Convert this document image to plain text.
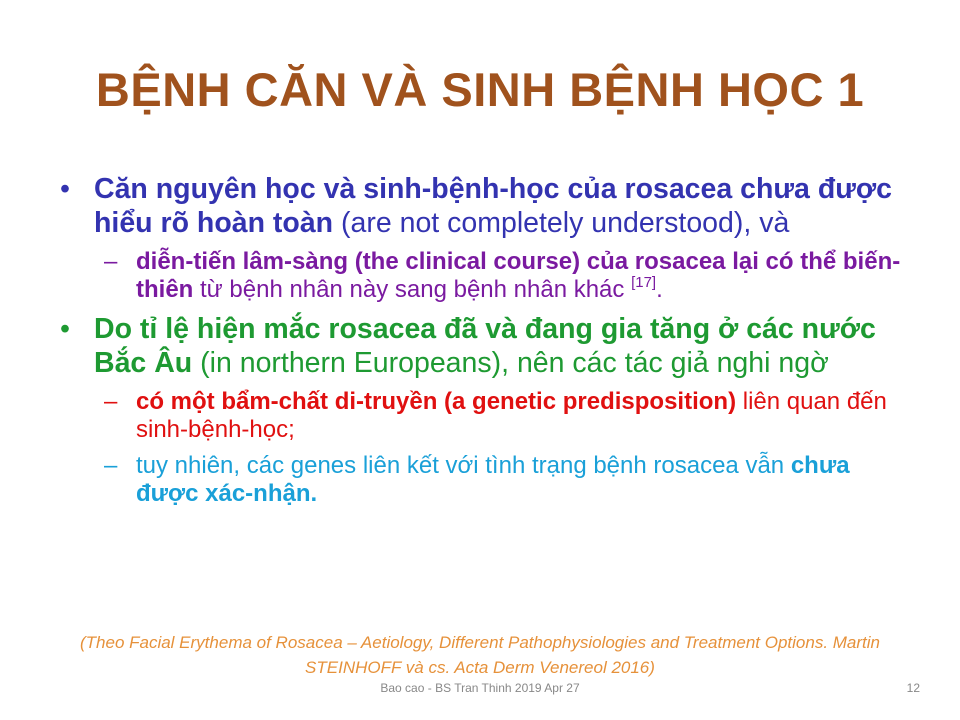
BỆNH CĂN VÀ SINH BỆNH HỌC 1
• Căn nguyên học và sinh-bệnh-học của rosacea chưa được hiểu rõ hoàn toàn (are not completely understood), và
– diễn-tiến lâm-sàng (the clinical course) của rosacea lại có thể biến-thiên từ bệnh nhân này sang bệnh nhân khác [17].
• Do tỉ lệ hiện mắc rosacea đã và đang gia tăng ở các nước Bắc Âu (in northern Europeans), nên các tác giả nghi ngờ
– có một bẩm-chất di-truyền (a genetic predisposition) liên quan đến sinh-bệnh-học;
– tuy nhiên, các genes liên kết với tình trạng bệnh rosacea vẫn chưa được xác-nhận.
(Theo Facial Erythema of Rosacea – Aetiology, Different Pathophysiologies and Treatment Options. Martin STEINHOFF và cs. Acta Derm Venereol 2016)
Bao cao - BS Tran Thinh 2019 Apr 27	12
